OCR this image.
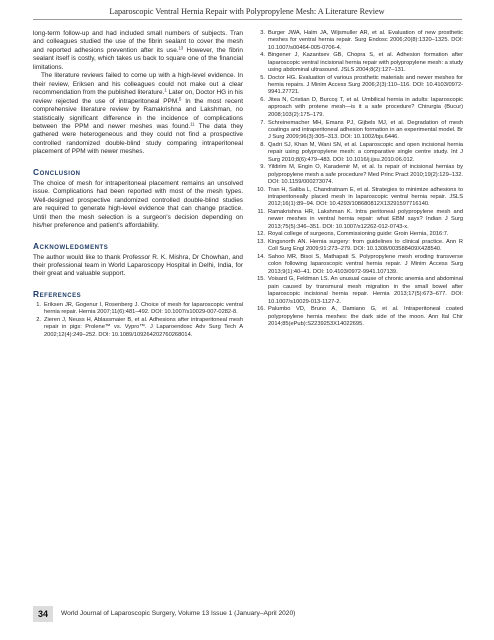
Laparoscopic Ventral Hernia Repair with Polypropylene Mesh: A Literature Review

long-term follow-up and had included small numbers of subjects. Tran and colleagues studied the use of the fibrin sealant to cover the mesh and reported adhesions prevention after its use.$^{13}$ However, the fibrin sealant itself is costly, which takes us back to square one of the financial limitations.

The literature reviews failed to come up with a high-level evidence. In their review, Eriksen and his colleagues could not make out a clear recommendation from the published literature.$^1$ Later on, Doctor HG in his review rejected the use of intraperitoneal PPM.$^5$ In the most recent comprehensive literature review by Ramakrishna and Lakshman, no statistically significant difference in the incidence of complications between the PPM and newer meshes was found.$^{11}$ The data they gathered were heterogeneous and they could not find a prospective controlled randomized double-blind study comparing intraperitoneal placement of PPM with newer meshes.

Conclusion

The choice of mesh for intraperitoneal placement remains an unsolved issue. Complications had been reported with most of the mesh types. Well-designed prospective randomized controlled double-blind studies are required to generate high-level evidence that can change practice. Until then the mesh selection is a surgeon's decision depending on his/her preference and patient's affordability.

Acknowledgments

The author would like to thank Professor R. K. Mishra, Dr Chowhan, and their professional team in World Laparoscopy Hospital in Delhi, India, for their great and valuable support.

References
1. Eriksen JR, Gogenur I, Rosenberg J. Choice of mesh for laparoscopic ventral hernia repair. Hernia 2007;11(6):481–492. DOI: 10.1007/s10029-007-0282-8.
2. Zieren J, Neuss H, Ablassmaier B, et al. Adhesions after intraperitoneal mesh repair in pigs: Prolene™ vs. Vypro™. J Laparoendosc Adv Surg Tech A 2002;12(4):249–252. DOI: 10.1089/109264202760268014.
3. Burger JWA, Halm JA, Wijsmuller AR, et al. Evaluation of new prosthetic meshes for ventral hernia repair. Surg Endosc 2006;20(8):1320–1325. DOI: 10.1007/s00464-005-0706-4.
4. Bingener J, Kazantsev GB, Chopra S, et al. Adhesion formation after laparoscopic ventral incisional hernia repair with polypropylene mesh: a study using abdominal ultrasound. JSLS 2004;8(2):127–131.
5. Doctor HG. Evaluation of various prosthetic materials and newer meshes for hernia repairs. J Minim Access Surg 2006;2(3):110–116. DOI: 10.4103/0972-9941.27721.
6. Jitea N, Cristian D, Burcoş T, et al. Umbilical hernia in adults: laparoscopic approach with protene mesh—is it a safe procedure? Chirurgia (Bucur) 2008;103(2):175–179.
7. Schreinemacher MH, Emans PJ, Gijbels MJ, et al. Degradation of mesh coatings and intraperitoneal adhesion formation in an experimental model. Br J Surg 2009;96(3):305–313. DOI: 10.1002/bjs.6446.
8. Qadri SJ, Khan M, Wani SN, et al. Laparoscopic and open incisional hernia repair using polypropylene mesh: a comparative single centre study. Int J Surg 2010;8(6):479–483. DOI: 10.1016/j.ijsu.2010.06.012.
9. Yildirim M, Engin O, Karademir M, et al. Is repair of incisional hernias by polypropylene mesh a safe procedure? Med Princ Pract 2010;19(2):129–132. DOI: 10.1159/000273074.
10. Tran H, Saliba L, Chandratnam E, et al. Strategies to minimize adhesions to intraperitoneally placed mesh in laparoscopic ventral hernia repair. JSLS 2012;16(1):89–94. DOI: 10.4293/108680812X13291597716140.
11. Ramakrishna HR, Lakshman K. Intra peritoneal polypropylene mesh and newer meshes in ventral hernia repair: what EBM says? Indian J Surg 2013;75(5):346–351. DOI: 10.1007/s12262-012-0743-x.
12. Royal college of surgeons, Commissioning guide: Groin Hernia, 2016:7.
13. Kingsnorth AN. Hernia surgery: from guidelines to clinical practice. Ann R Coll Surg Engl 2009;91:273–279. DOI: 10.1308/003588409X428540.
14. Sahoo MR, Bisoi S, Mathapati S. Polypropylene mesh eroding transverse colon following laparoscopic ventral hernia repair. J Minim Access Surg 2013;9(1):40–41. DOI: 10.4103/0972-9941.107139.
15. Voisard G, Feldman LS. An unusual cause of chronic anemia and abdominal pain caused by transmural mesh migration in the small bowel after laparoscopic incisional hernia repair. Hernia 2013;17(5):673–677. DOI: 10.1007/s10029-013-1127-2.
16. Palumbo VD, Bruno A, Damiano G, et al. Intraperitoneal coated polypropylene hernia meshes: the dark side of the moon. Ann Ital Chir 2014;85(ePub):S2239253X14022695.
34	World Journal of Laparoscopic Surgery, Volume 13 Issue 1 (January–April 2020)
